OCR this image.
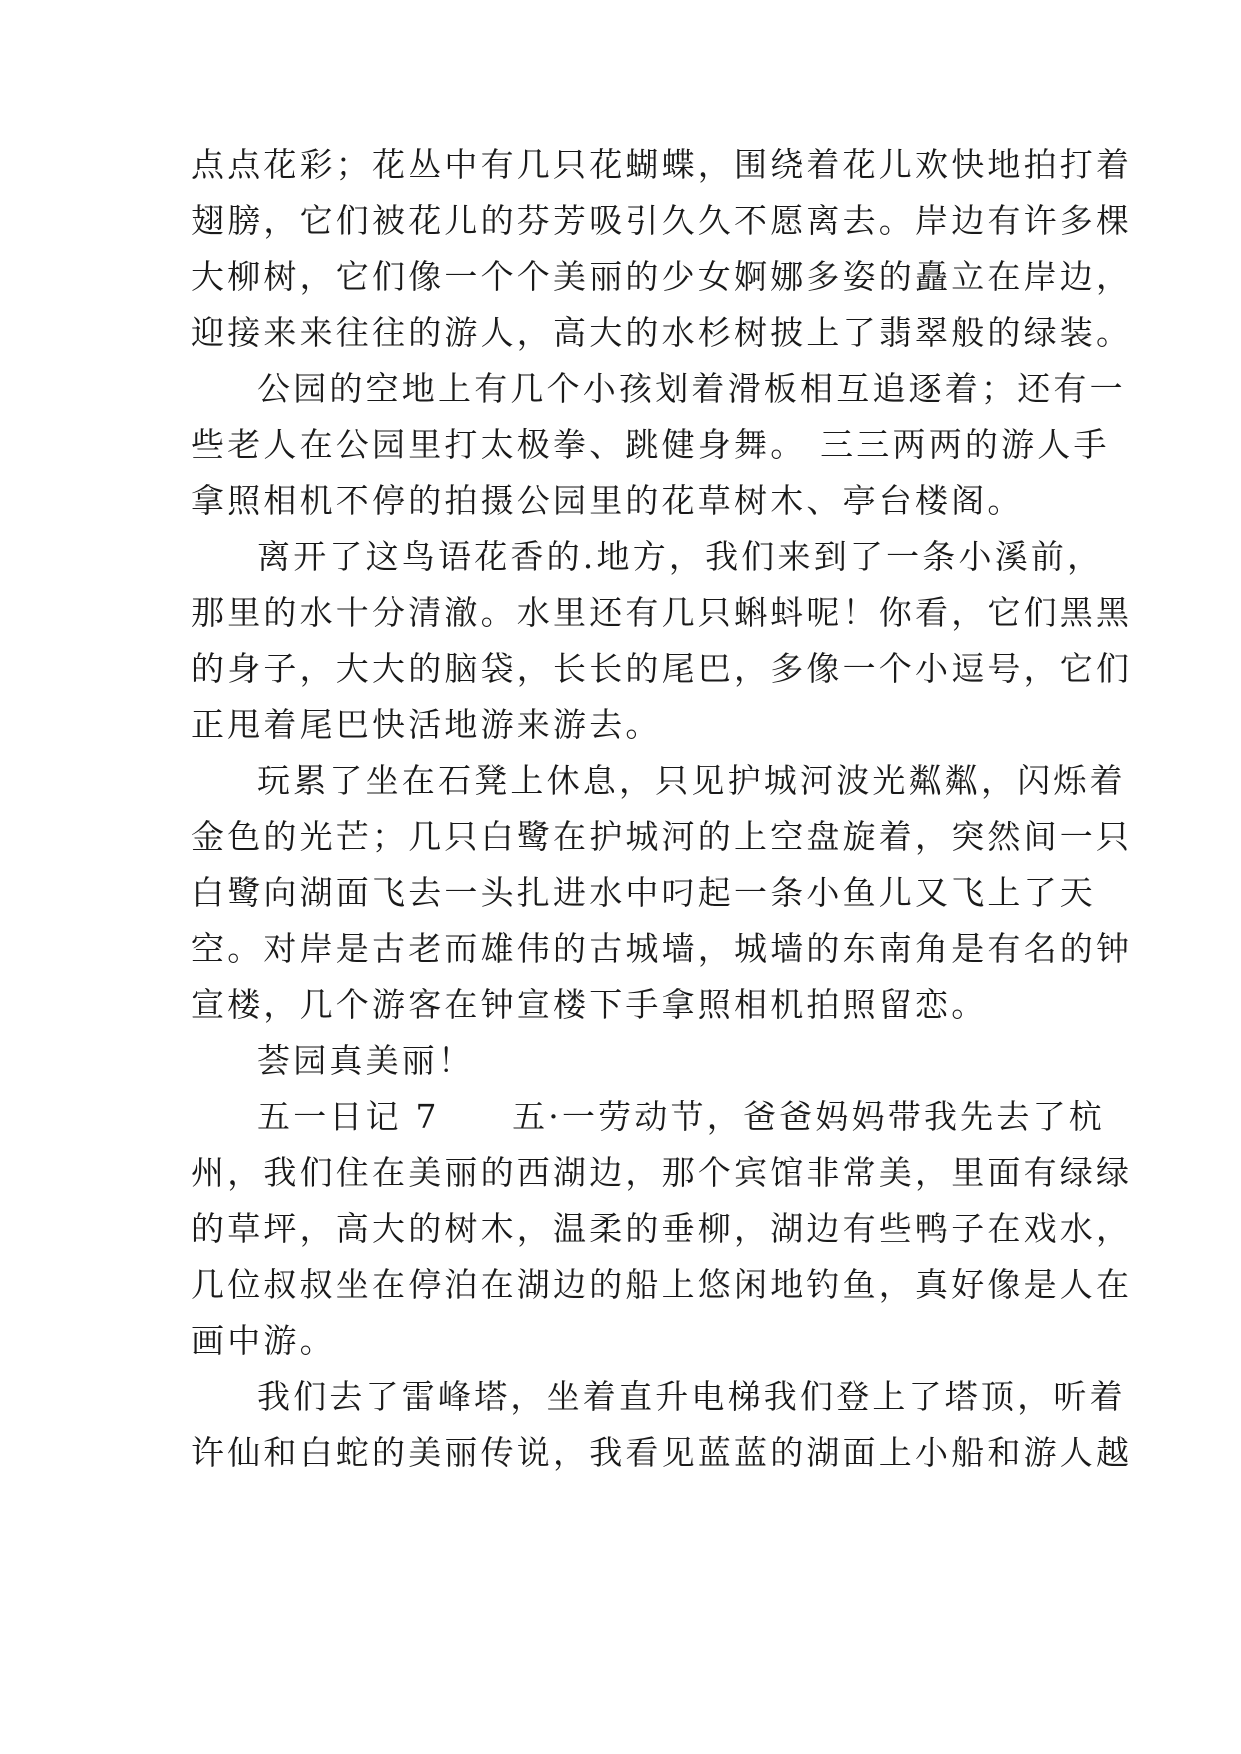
点点花彩；花丛中有几只花蝴蝶，围绕着花儿欢快地拍打着
翅膀，它们被花儿的芬芳吸引久久不愿离去。岸边有许多棵
大柳树，它们像一个个美丽的少女婀娜多姿的矗立在岸边，
迎接来来往往的游人，高大的水杉树披上了翡翠般的绿装。
公园的空地上有几个小孩划着滑板相互追逐着；还有一
些老人在公园里打太极拳、跳健身舞。 三三两两的游人手
拿照相机不停的拍摄公园里的花草树木、亭台楼阁。
离开了这鸟语花香的.地方，我们来到了一条小溪前，
那里的水十分清澈。水里还有几只蝌蚪呢！你看，它们黑黑
的身子，大大的脑袋，长长的尾巴，多像一个小逗号，它们
正甩着尾巴快活地游来游去。
玩累了坐在石凳上休息，只见护城河波光粼粼，闪烁着
金色的光芒；几只白鹭在护城河的上空盘旋着，突然间一只
白鹭向湖面飞去一头扎进水中叼起一条小鱼儿又飞上了天
空。对岸是古老而雄伟的古城墙，城墙的东南角是有名的钟
宣楼，几个游客在钟宣楼下手拿照相机拍照留恋。
荟园真美丽！
五一日记 7　　五·一劳动节，爸爸妈妈带我先去了杭
州，我们住在美丽的西湖边，那个宾馆非常美，里面有绿绿
的草坪，高大的树木，温柔的垂柳，湖边有些鸭子在戏水，
几位叔叔坐在停泊在湖边的船上悠闲地钓鱼，真好像是人在
画中游。
我们去了雷峰塔，坐着直升电梯我们登上了塔顶，听着
许仙和白蛇的美丽传说，我看见蓝蓝的湖面上小船和游人越
